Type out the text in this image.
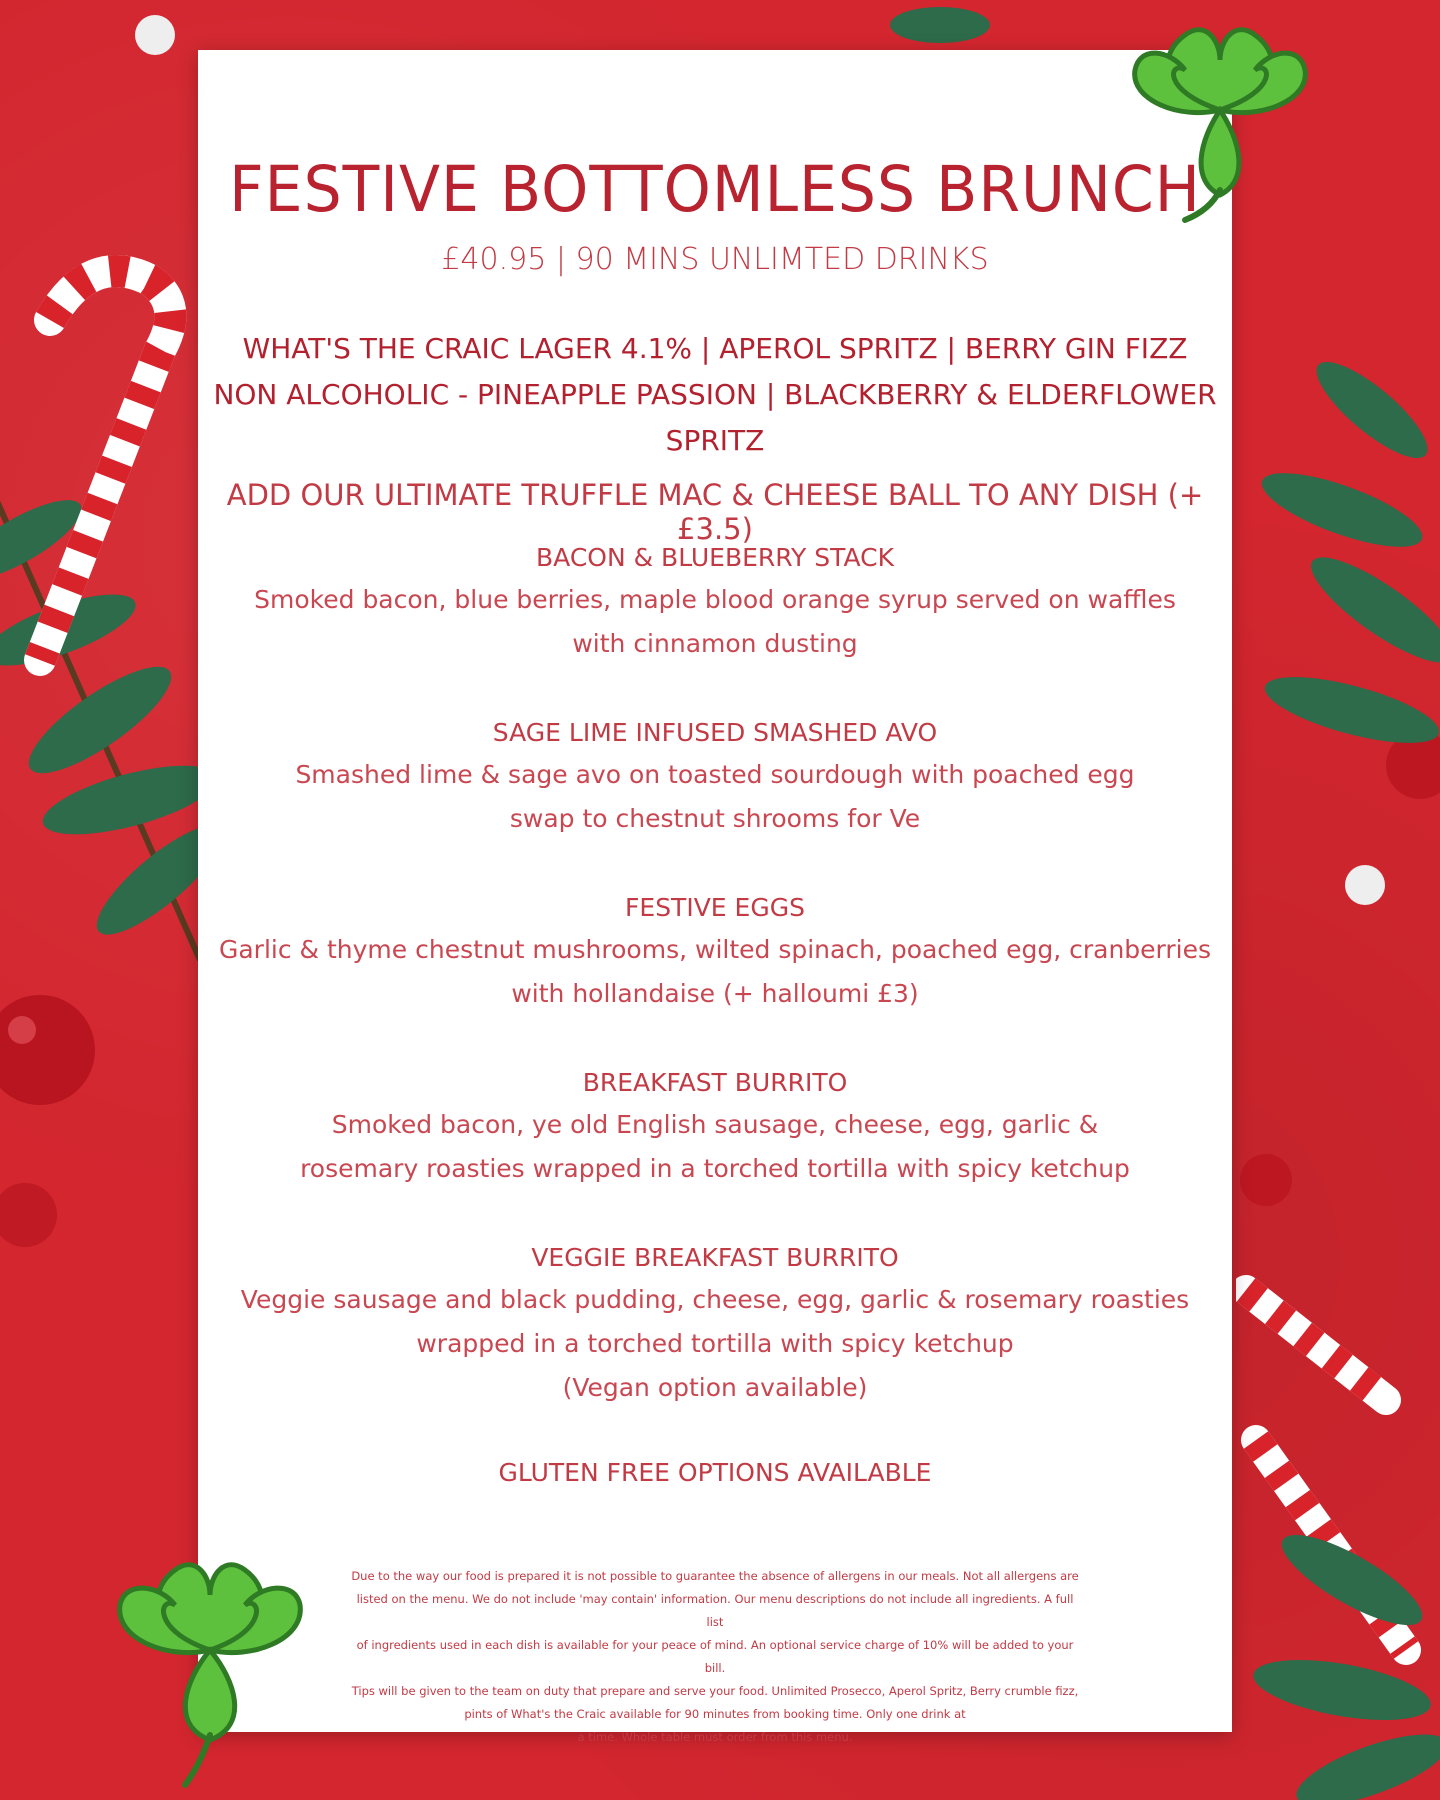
FESTIVE BOTTOMLESS BRUNCH
£40.95 | 90 MINS UNLIMTED DRINKS
WHAT'S THE CRAIC LAGER 4.1% | APEROL SPRITZ | BERRY GIN FIZZ
NON ALCOHOLIC - PINEAPPLE PASSION | BLACKBERRY & ELDERFLOWER SPRITZ
ADD OUR ULTIMATE TRUFFLE MAC & CHEESE BALL TO ANY DISH (+£3.5)
BACON & BLUEBERRY STACK
Smoked bacon, blue berries, maple blood orange syrup served on waffles
with cinnamon dusting
SAGE LIME INFUSED SMASHED AVO
Smashed lime & sage avo on toasted sourdough with poached egg
swap to chestnut shrooms for Ve
FESTIVE EGGS
Garlic & thyme chestnut mushrooms, wilted spinach, poached egg, cranberries
with hollandaise (+ halloumi £3)
BREAKFAST BURRITO
Smoked bacon, ye old English sausage, cheese, egg, garlic &
rosemary roasties wrapped in a torched tortilla with spicy ketchup
VEGGIE BREAKFAST BURRITO
Veggie sausage and black pudding, cheese, egg, garlic & rosemary roasties
wrapped in a torched tortilla with spicy ketchup
(Vegan option available)
GLUTEN FREE OPTIONS AVAILABLE
Due to the way our food is prepared it is not possible to guarantee the absence of allergens in our meals. Not all allergens are
listed on the menu. We do not include 'may contain' information. Our menu descriptions do not include all ingredients. A full list
of ingredients used in each dish is available for your peace of mind. An optional service charge of 10% will be added to your bill.
Tips will be given to the team on duty that prepare and serve your food. Unlimited Prosecco, Aperol Spritz, Berry crumble fizz,
pints of What's the Craic available for 90 minutes from booking time. Only one drink at
a time. Whole table must order from this menu.
